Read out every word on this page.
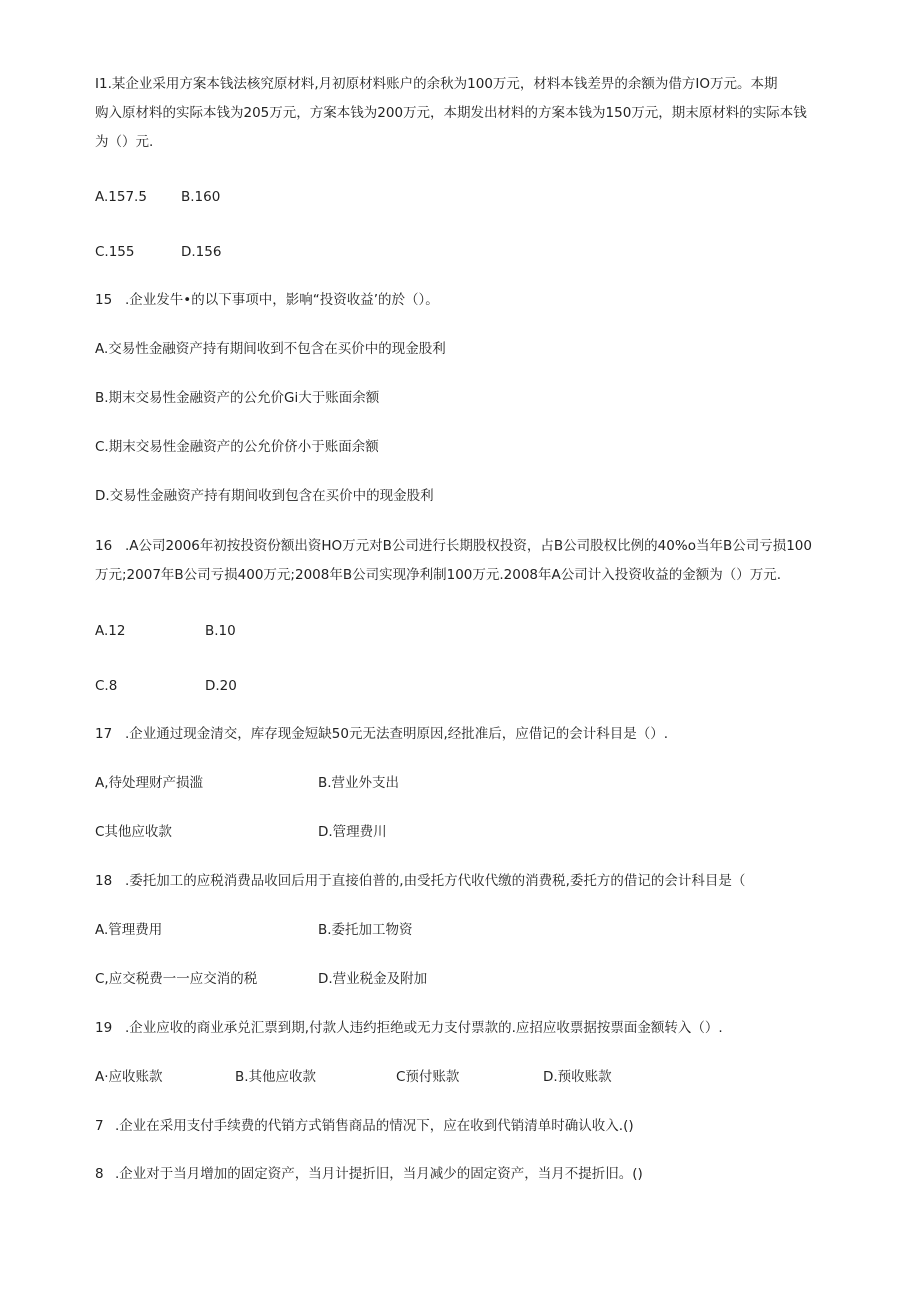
I1.某企业采用方案本钱法核究原材料,月初原材料账户的余秋为100万元，材料本钱差畀的余额为借方IO万元。本期
购入原材料的实际本钱为205万元，方案本钱为200万元，本期发出材料的方案本钱为150万元，期末原材料的实际本钱
为（）元.
A.157.5	B.160
C.155	D.156
15 .企业发牛•的以下事项中，影响“投资收益’的於（）。
A.交易性金融资产持有期间收到不包含在买价中的现金股利
B.期末交易性金融资产的公允价Gi大于账面余额
C.期末交易性金融资产的公允价侪小于账面余额
D.交易性金融资产持有期间收到包含在买价中的现金股利
16 .A公司2006年初按投资份额出资HO万元对B公司进行长期股权投资，占B公司股权比例的40%o当年B公司亏损100
万元;2007年B公司亏损400万元;2008年B公司实现净利制100万元.2008年A公司计入投资收益的金额为（）万元.
A.12	B.10
C.8	D.20
17 .企业通过现金清交，库存现金短缺50元无法查明原因,经批准后，应借记的会计科目是（）.
A,待处理财产损滥	B.营业外支出
C其他应收款	D.管理费川
18 .委托加工的应税消费品收回后用于直接伯普的,由受托方代收代缴的消费税,委托方的借记的会计科目是（
A.管理费用	B.委托加工物资
C,应交税费一一应交消的税	D.营业税金及附加
19 .企业应收的商业承兑汇票到期,付款人违约拒绝或无力支付票款的.应招应收票据按票面金额转入（）.
A·应收账款	B.其他应收款	C预付账款	D.预收账款
7 .企业在采用支付手续费的代销方式销售商品的情况下，应在收到代销清单时确认收入.()
8 .企业对于当月增加的固定资产，当月计提折旧，当月减少的固定资产，当月不提折旧。()
